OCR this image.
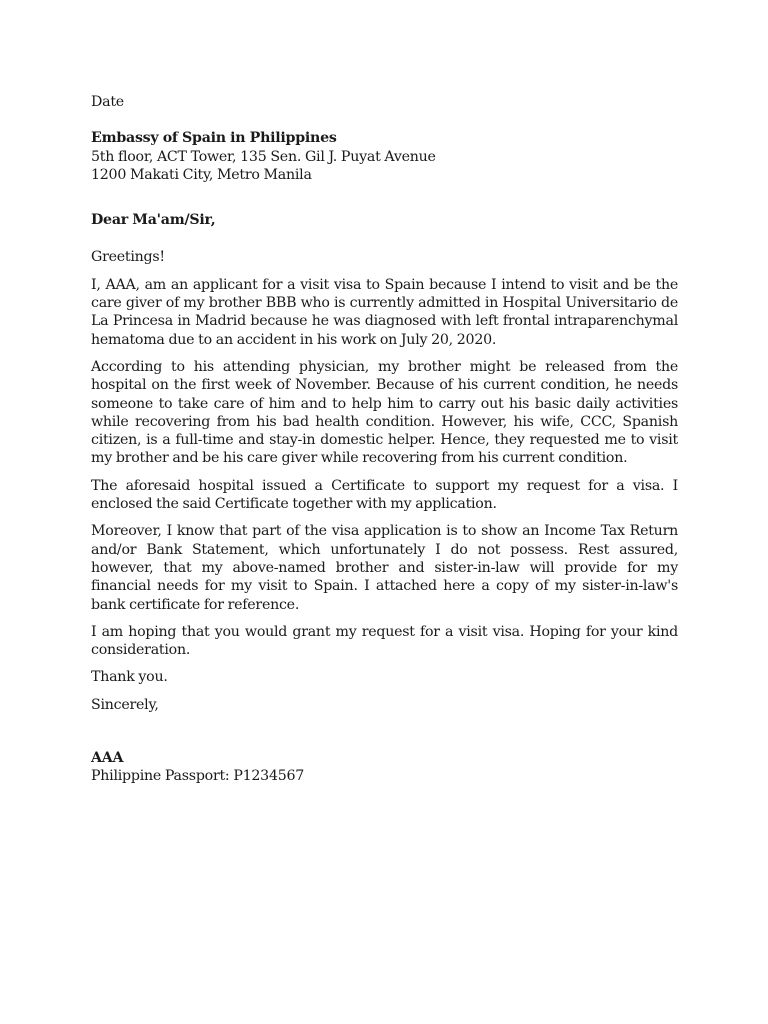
Date
Embassy of Spain in Philippines
5th floor, ACT Tower, 135 Sen. Gil J. Puyat Avenue
1200 Makati City, Metro Manila
Dear Ma'am/Sir,
Greetings!

I, AAA, am an applicant for a visit visa to Spain because I intend to visit and be the care giver of my brother BBB who is currently admitted in Hospital Universitario de La Princesa in Madrid because he was diagnosed with left frontal intraparenchymal hematoma due to an accident in his work on July 20, 2020.

According to his attending physician, my brother might be released from the hospital on the first week of November. Because of his current condition, he needs someone to take care of him and to help him to carry out his basic daily activities while recovering from his bad health condition. However, his wife, CCC, Spanish citizen, is a full-time and stay-in domestic helper. Hence, they requested me to visit my brother and be his care giver while recovering from his current condition.

The aforesaid hospital issued a Certificate to support my request for a visa. I enclosed the said Certificate together with my application.

Moreover, I know that part of the visa application is to show an Income Tax Return and/or Bank Statement, which unfortunately I do not possess. Rest assured, however, that my above-named brother and sister-in-law will provide for my financial needs for my visit to Spain. I attached here a copy of my sister-in-law's bank certificate for reference.

I am hoping that you would grant my request for a visit visa. Hoping for your kind consideration.

Thank you.
Sincerely,
AAA
Philippine Passport: P1234567
